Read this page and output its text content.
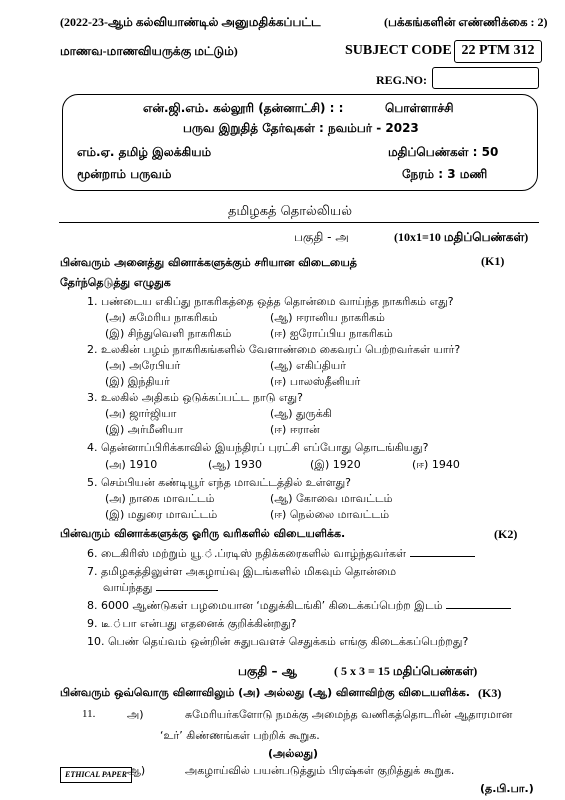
(2022-23-ஆம் கல்வியாண்டில் அனுமதிக்கப்பட்ட	(பக்கங்களின் எண்ணிக்கை : 2)
மாணவ-மாணவியருக்கு மட்டும்)	SUBJECT CODE 22 PTM 312
REG.NO:
என்.ஜி.எம். கல்லூரி (தன்னாட்சி) : :	பொள்ளாச்சி
பருவ இறுதித் தேர்வுகள் : நவம்பர் - 2023
எம்.ஏ. தமிழ் இலக்கியம்	மதிப்பெண்கள் : 50
மூன்றாம் பருவம்	நேரம் : 3 மணி
தமிழகத் தொல்லியல்
பகுதி - அ	(10x1=10 மதிப்பெண்கள்)
பின்வரும் அனைத்து வினாக்களுக்கும் சரியான விடையைத்	(K1)
தேர்ந்தெடுத்து எழுதுக
1. பண்டைய எகிப்து நாகரிகத்தை ஒத்த தொன்மை வாய்ந்த நாகரிகம் எது?
(அ) சுமேரிய நாகரிகம்	(ஆ) ஈரானிய நாகரிகம்
(இ) சிந்துவெளி நாகரிகம்	(ஈ) ஐரோப்பிய நாகரிகம்
2. உலகின் பழம் நாகரிகங்களில் வேளாண்மை கைவரப் பெற்றவர்கள் யார்?
(அ) அரேபியர்	(ஆ) எகிப்தியர்
(இ) இந்தியர்	(ஈ) பாலஸ்தீனியர்
3. உலகில் அதிகம் ஒடுக்கப்பட்ட நாடு எது?
(அ) ஜார்ஜியா	(ஆ) துருக்கி
(இ) அர்மீனியா	(ஈ) ஈரான்
4. தென்னாப்பிரிக்காவில் இயந்திரப் புரட்சி எப்போது தொடங்கியது?
(அ) 1910	(ஆ) 1930	(இ) 1920	(ஈ) 1940
5. செம்பியன் கண்டியூர் எந்த மாவட்டத்தில் உள்ளது?
(அ) நாகை மாவட்டம்	(ஆ) கோவை மாவட்டம்
(இ) மதுரை மாவட்டம்	(ஈ) நெல்லை மாவட்டம்
பின்வரும் வினாக்களுக்கு ஓரிரு வரிகளில் விடையளிக்க.	(K2)
6. டைகிரிஸ் மற்றும் யூ.்.ப்ரடிஸ் நதிக்கரைகளில் வாழ்ந்தவர்கள்
7. தமிழகத்திலுள்ள அகழாய்வு இடங்களில் மிகவும் தொன்மை
வாய்ந்தது
8. 6000 ஆண்டுகள் பழமையான ‘மதுக்கிடங்கி’ கிடைக்கப்பெற்ற இடம்
9. டீ.்பா என்பது எதனைக் குறிக்கின்றது?
10. பெண் தெய்வம் ஒன்றின் சுதுபவளச் செதுக்கம் எங்கு கிடைக்கப்பெற்றது?
பகுதி – ஆ	( 5 x 3 = 15 மதிப்பெண்கள்)
பின்வரும் ஒவ்வொரு வினாவிலும் (அ) அல்லது (ஆ) வினாவிற்கு விடையளிக்க. (K3)
11.	அ)	சுமேரியர்களோடு நமக்கு அமைந்த வணிகத்தொடரின் ஆதாரமான
‘உர்’ கிண்ணங்கள் பற்றிக் கூறுக.
(அல்லது)
ஆ)	அகழாய்வில் பயன்படுத்தும் பிரஷ்கள் குறித்துக் கூறுக.
(த.பி.பா.)
ETHICAL PAPER
